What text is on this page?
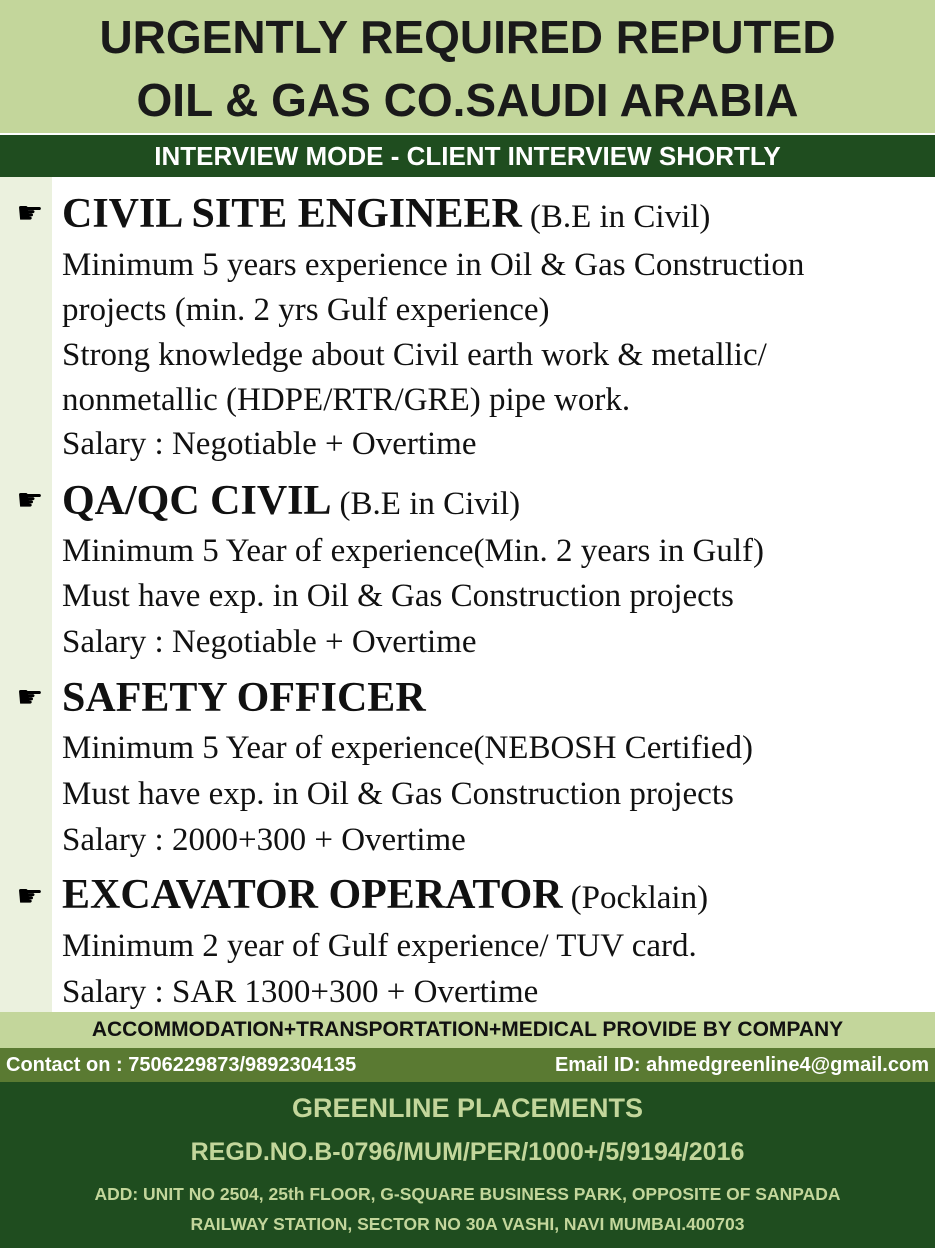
URGENTLY REQUIRED REPUTED
OIL & GAS CO.SAUDI ARABIA
INTERVIEW MODE - CLIENT INTERVIEW SHORTLY
☛ CIVIL SITE ENGINEER (B.E in Civil)
Minimum 5 years experience in Oil & Gas Construction
projects (min. 2 yrs Gulf experience)
Strong knowledge about Civil earth work & metallic/
nonmetallic (HDPE/RTR/GRE) pipe work.
Salary : Negotiable + Overtime
☛ QA/QC CIVIL (B.E in Civil)
Minimum 5 Year of experience(Min. 2 years in Gulf)
Must have exp. in Oil & Gas Construction projects
Salary : Negotiable + Overtime
☛ SAFETY OFFICER
Minimum 5 Year of experience(NEBOSH Certified)
Must have exp. in Oil & Gas Construction projects
Salary : 2000+300 + Overtime
☛ EXCAVATOR OPERATOR (Pocklain)
Minimum 2 year of Gulf experience/ TUV card.
Salary : SAR 1300+300 + Overtime
ACCOMMODATION+TRANSPORTATION+MEDICAL PROVIDE BY COMPANY
Contact on : 7506229873/9892304135	Email ID: ahmedgreenline4@gmail.com
GREENLINE PLACEMENTS
REGD.NO.B-0796/MUM/PER/1000+/5/9194/2016
ADD: UNIT NO 2504, 25th FLOOR, G-SQUARE BUSINESS PARK, OPPOSITE OF SANPADA
RAILWAY STATION, SECTOR NO 30A VASHI, NAVI MUMBAI.400703
